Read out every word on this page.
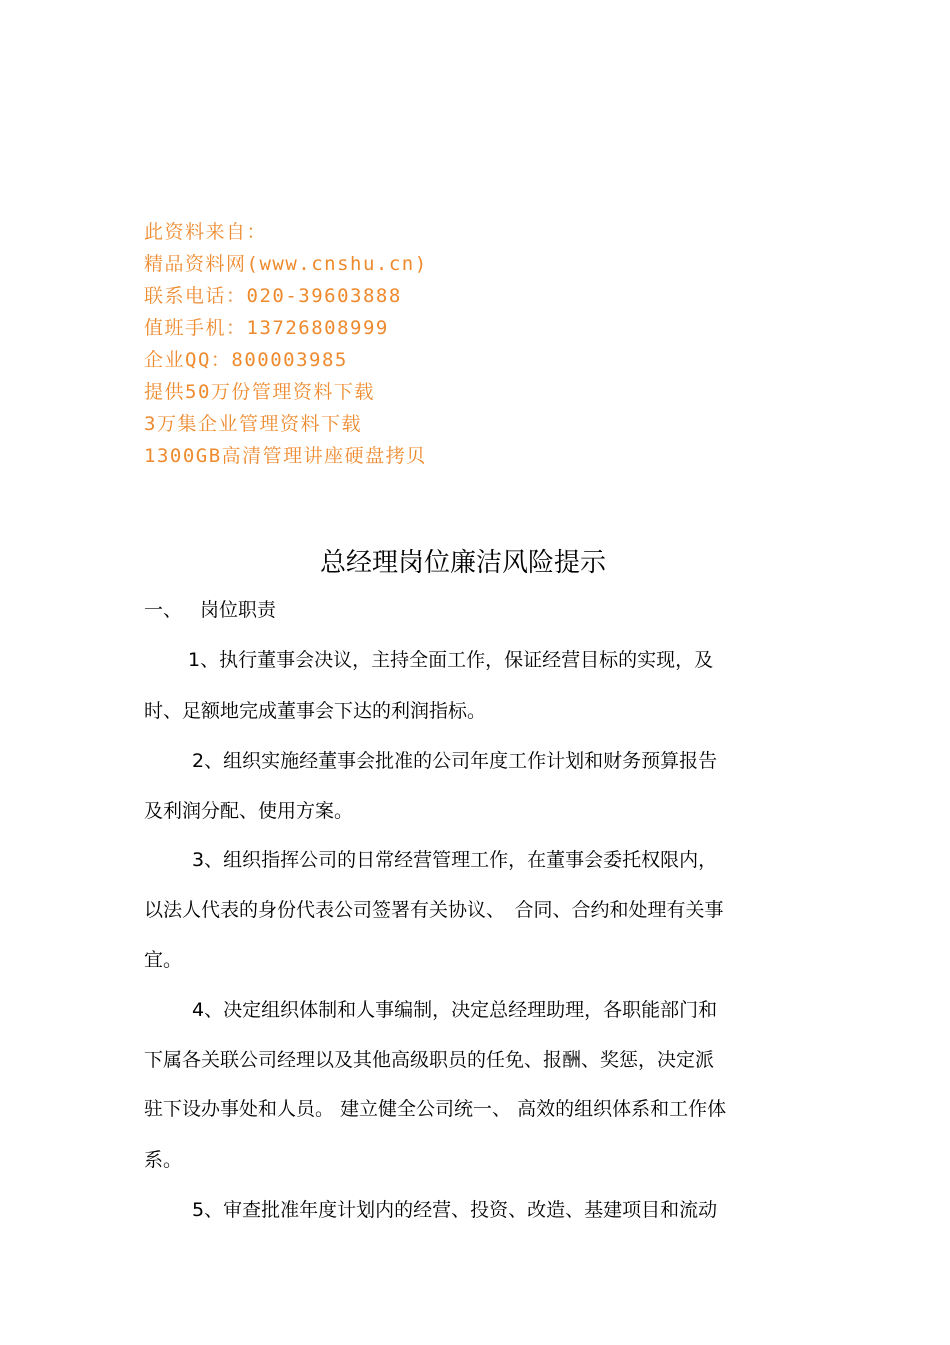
此资料来自：
精品资料网(www.cnshu.cn)
联系电话：020-39603888
值班手机：13726808999
企业QQ：800003985
提供50万份管理资料下载
3万集企业管理资料下载
1300GB高清管理讲座硬盘拷贝
总经理岗位廉洁风险提示
一、 岗位职责
1、执行董事会决议，主持全面工作，保证经营目标的实现，及
时、足额地完成董事会下达的利润指标。
2、组织实施经董事会批准的公司年度工作计划和财务预算报告
及利润分配、使用方案。
3、组织指挥公司的日常经营管理工作，在董事会委托权限内，
以法人代表的身份代表公司签署有关协议、　合同、合约和处理有关事
宜。
4、决定组织体制和人事编制，决定总经理助理，各职能部门和
下属各关联公司经理以及其他高级职员的任免、报酬、奖惩，决定派
驻下设办事处和人员。 建立健全公司统一、 高效的组织体系和工作体
系。
5、审查批准年度计划内的经营、投资、改造、基建项目和流动
